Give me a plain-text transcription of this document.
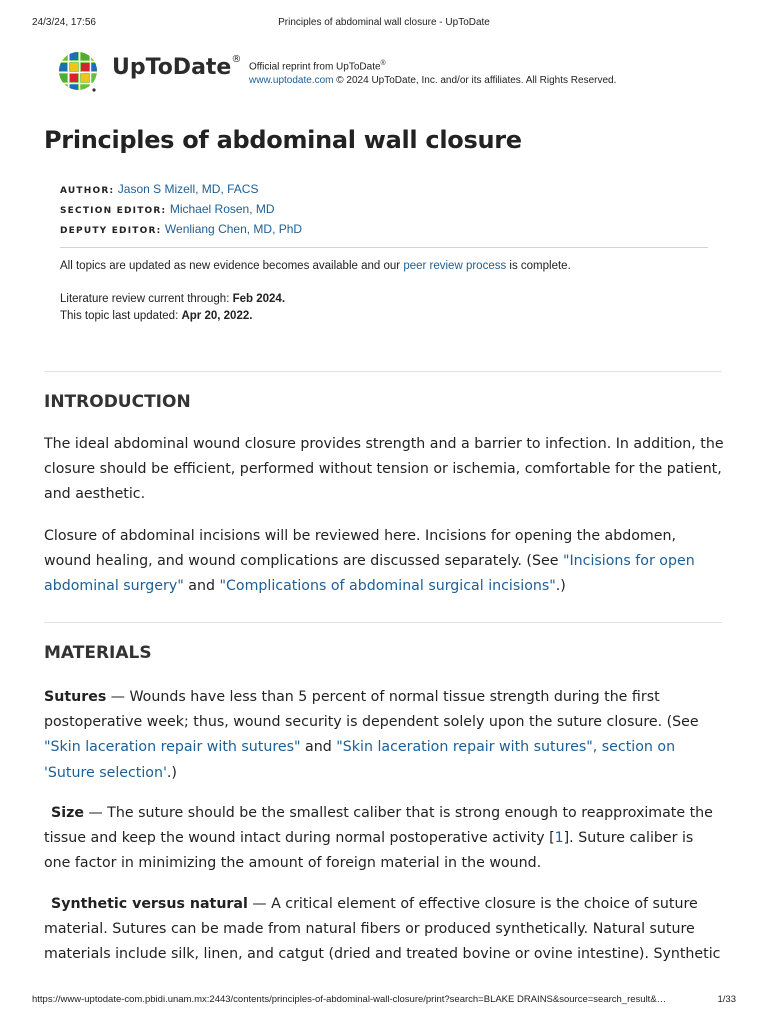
24/3/24, 17:56	Principles of abdominal wall closure - UpToDate
UpToDate®
Official reprint from UpToDate®
www.uptodate.com © 2024 UpToDate, Inc. and/or its affiliates. All Rights Reserved.
Principles of abdominal wall closure
AUTHOR: Jason S Mizell, MD, FACS
SECTION EDITOR: Michael Rosen, MD
DEPUTY EDITOR: Wenliang Chen, MD, PhD

All topics are updated as new evidence becomes available and our peer review process is complete.

Literature review current through: Feb 2024.

This topic last updated: Apr 20, 2022.

INTRODUCTION

The ideal abdominal wound closure provides strength and a barrier to infection. In addition, the closure should be efficient, performed without tension or ischemia, comfortable for the patient, and aesthetic.

Closure of abdominal incisions will be reviewed here. Incisions for opening the abdomen, wound healing, and wound complications are discussed separately. (See "Incisions for open abdominal surgery" and "Complications of abdominal surgical incisions".)

MATERIALS

Sutures — Wounds have less than 5 percent of normal tissue strength during the first postoperative week; thus, wound security is dependent solely upon the suture closure. (See "Skin laceration repair with sutures" and "Skin laceration repair with sutures", section on 'Suture selection'.)

Size — The suture should be the smallest caliber that is strong enough to reapproximate the tissue and keep the wound intact during normal postoperative activity [1]. Suture caliber is one factor in minimizing the amount of foreign material in the wound.

Synthetic versus natural — A critical element of effective closure is the choice of suture material. Sutures can be made from natural fibers or produced synthetically. Natural suture materials include silk, linen, and catgut (dried and treated bovine or ovine intestine). Synthetic

https://www-uptodate-com.pbidi.unam.mx:2443/contents/principles-of-abdominal-wall-closure/print?search=BLAKE DRAINS&source=search_result&…	1/33
